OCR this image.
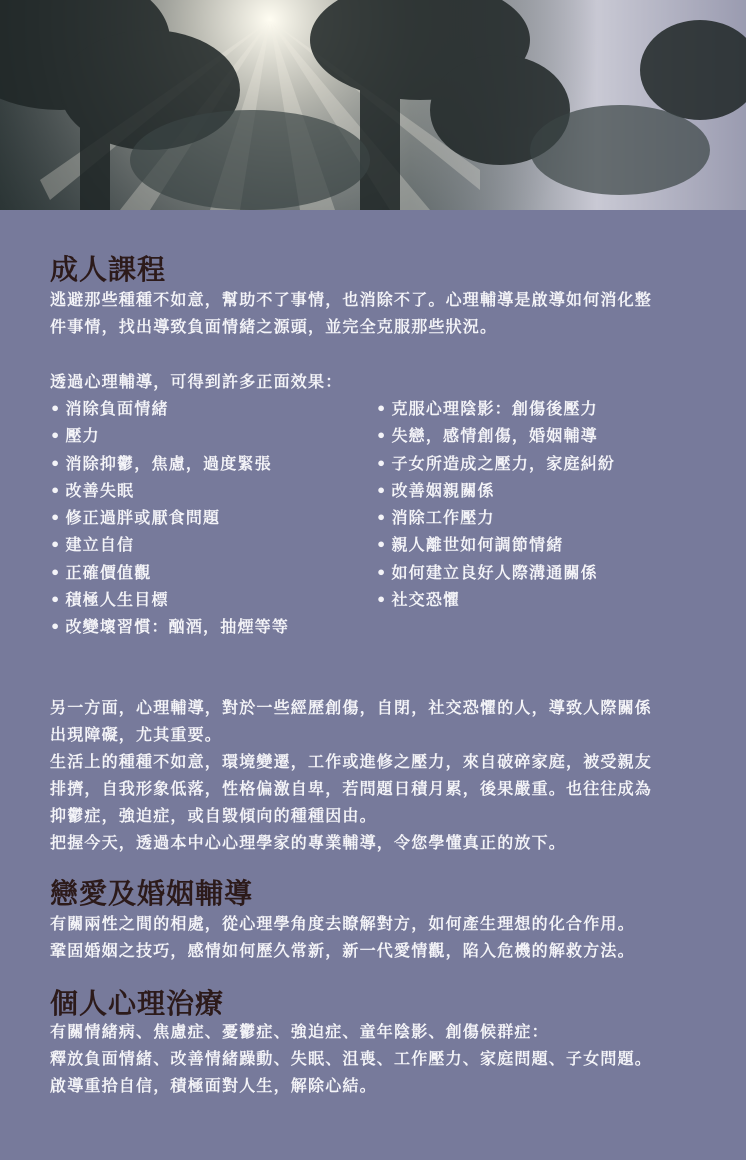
成人課程
逃避那些種種不如意，幫助不了事情，也消除不了。心理輔導是啟導如何消化整
件事情，找出導致負面情緒之源頭，並完全克服那些狀況。
透過心理輔導，可得到許多正面效果：
• 消除負面情緒
• 壓力
• 消除抑鬱，焦慮，過度緊張
• 改善失眠
• 修正過胖或厭食問題
• 建立自信
• 正確價值觀
• 積極人生目標
• 改變壞習慣：酗酒，抽煙等等
• 克服心理陰影：創傷後壓力
• 失戀，感情創傷，婚姻輔導
• 子女所造成之壓力，家庭糾紛
• 改善姻親關係
• 消除工作壓力
• 親人離世如何調節情緒
• 如何建立良好人際溝通關係
• 社交恐懼
另一方面，心理輔導，對於一些經歷創傷，自閉，社交恐懼的人，導致人際關係
出現障礙，尤其重要。
生活上的種種不如意，環境變遷，工作或進修之壓力，來自破碎家庭，被受親友
排擠，自我形象低落，性格偏激自卑，若問題日積月累，後果嚴重。也往往成為
抑鬱症，強迫症，或自毀傾向的種種因由。
把握今天，透過本中心心理學家的專業輔導，令您學懂真正的放下。
戀愛及婚姻輔導
有關兩性之間的相處，從心理學角度去瞭解對方，如何產生理想的化合作用。
鞏固婚姻之技巧，感情如何歷久常新，新一代愛情觀，陷入危機的解救方法。
個人心理治療
有關情緒病、焦慮症、憂鬱症、強迫症、童年陰影、創傷候群症：
釋放負面情緒、改善情緒躁動、失眠、沮喪、工作壓力、家庭問題、子女問題。
啟導重拾自信，積極面對人生，解除心結。
